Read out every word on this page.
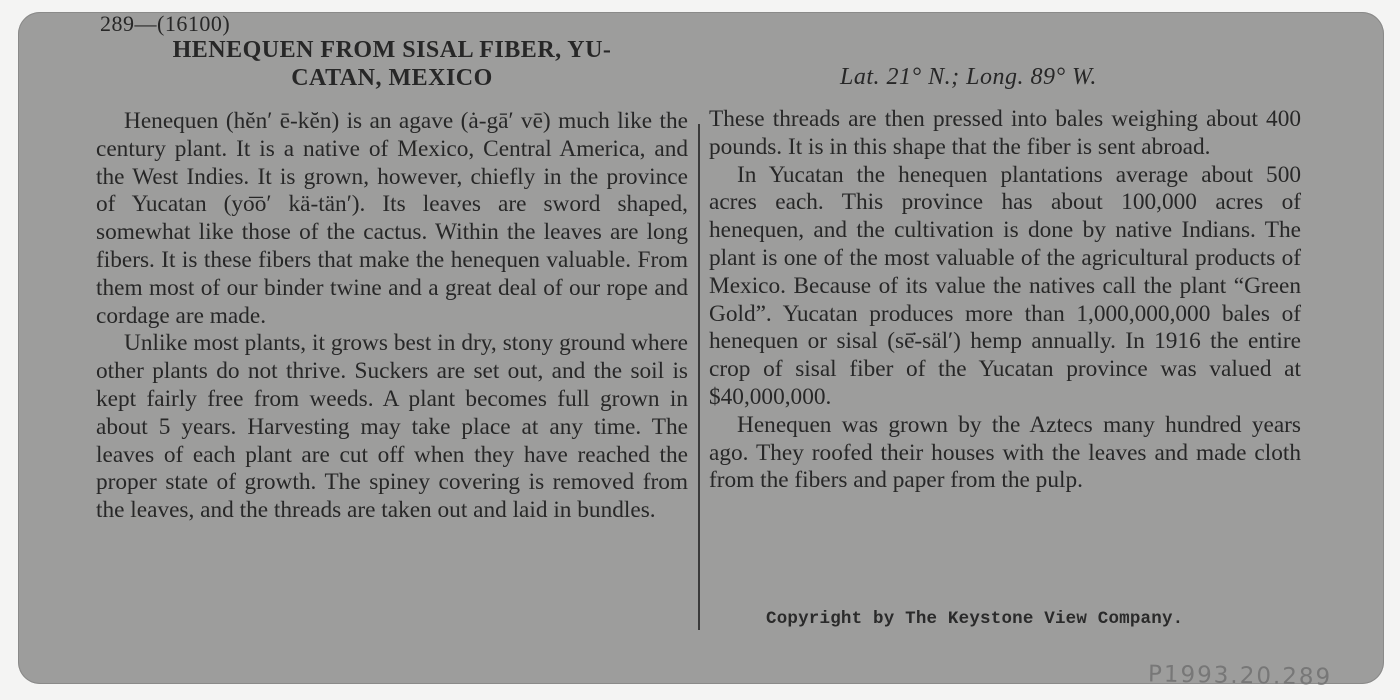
289—(16100)
HENEQUEN FROM SISAL FIBER, YU-
CATAN, MEXICO	Lat. 21° N.; Long. 89° W.

Henequen (hĕn′ ē-kĕn) is an agave (ȧ-gā′ vē) much like the century plant. It is a native of Mexico, Central America, and the West Indies. It is grown, however, chiefly in the province of Yucatan (yo͞o′ kä-tän′). Its leaves are sword shaped, somewhat like those of the cactus. Within the leaves are long fibers. It is these fibers that make the henequen valuable. From them most of our binder twine and a great deal of our rope and cordage are made.

Unlike most plants, it grows best in dry, stony ground where other plants do not thrive. Suckers are set out, and the soil is kept fairly free from weeds. A plant becomes full grown in about 5 years. Harvesting may take place at any time. The leaves of each plant are cut off when they have reached the proper state of growth. The spiney covering is removed from the leaves, and the threads are taken out and laid in bundles.

These threads are then pressed into bales weighing about 400 pounds. It is in this shape that the fiber is sent abroad.

In Yucatan the henequen plantations average about 500 acres each. This province has about 100,000 acres of henequen, and the cultivation is done by native Indians. The plant is one of the most valuable of the agricultural products of Mexico. Because of its value the natives call the plant “Green Gold”. Yucatan produces more than 1,000,000,000 bales of henequen or sisal (sē̇-säl′) hemp annually. In 1916 the entire crop of sisal fiber of the Yucatan province was valued at $40,000,000.

Henequen was grown by the Aztecs many hundred years ago. They roofed their houses with the leaves and made cloth from the fibers and paper from the pulp.

Copyright by The Keystone View Company.
P1993.20.289
